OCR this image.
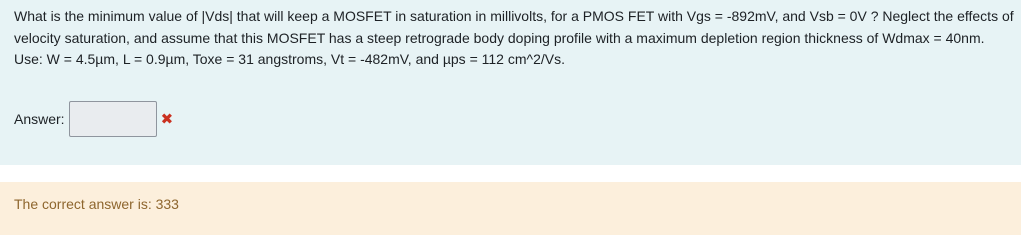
What is the minimum value of |Vds| that will keep a MOSFET in saturation in millivolts, for a PMOS FET with Vgs = -892mV, and Vsb = 0V ? Neglect the effects of velocity saturation, and assume that this MOSFET has a steep retrograde body doping profile with a maximum depletion region thickness of Wdmax = 40nm. Use: W = 4.5µm, L = 0.9µm, Toxe = 31 angstroms, Vt = -482mV, and µps = 112 cm^2/Vs.

Answer:	✖
The correct answer is: 333
